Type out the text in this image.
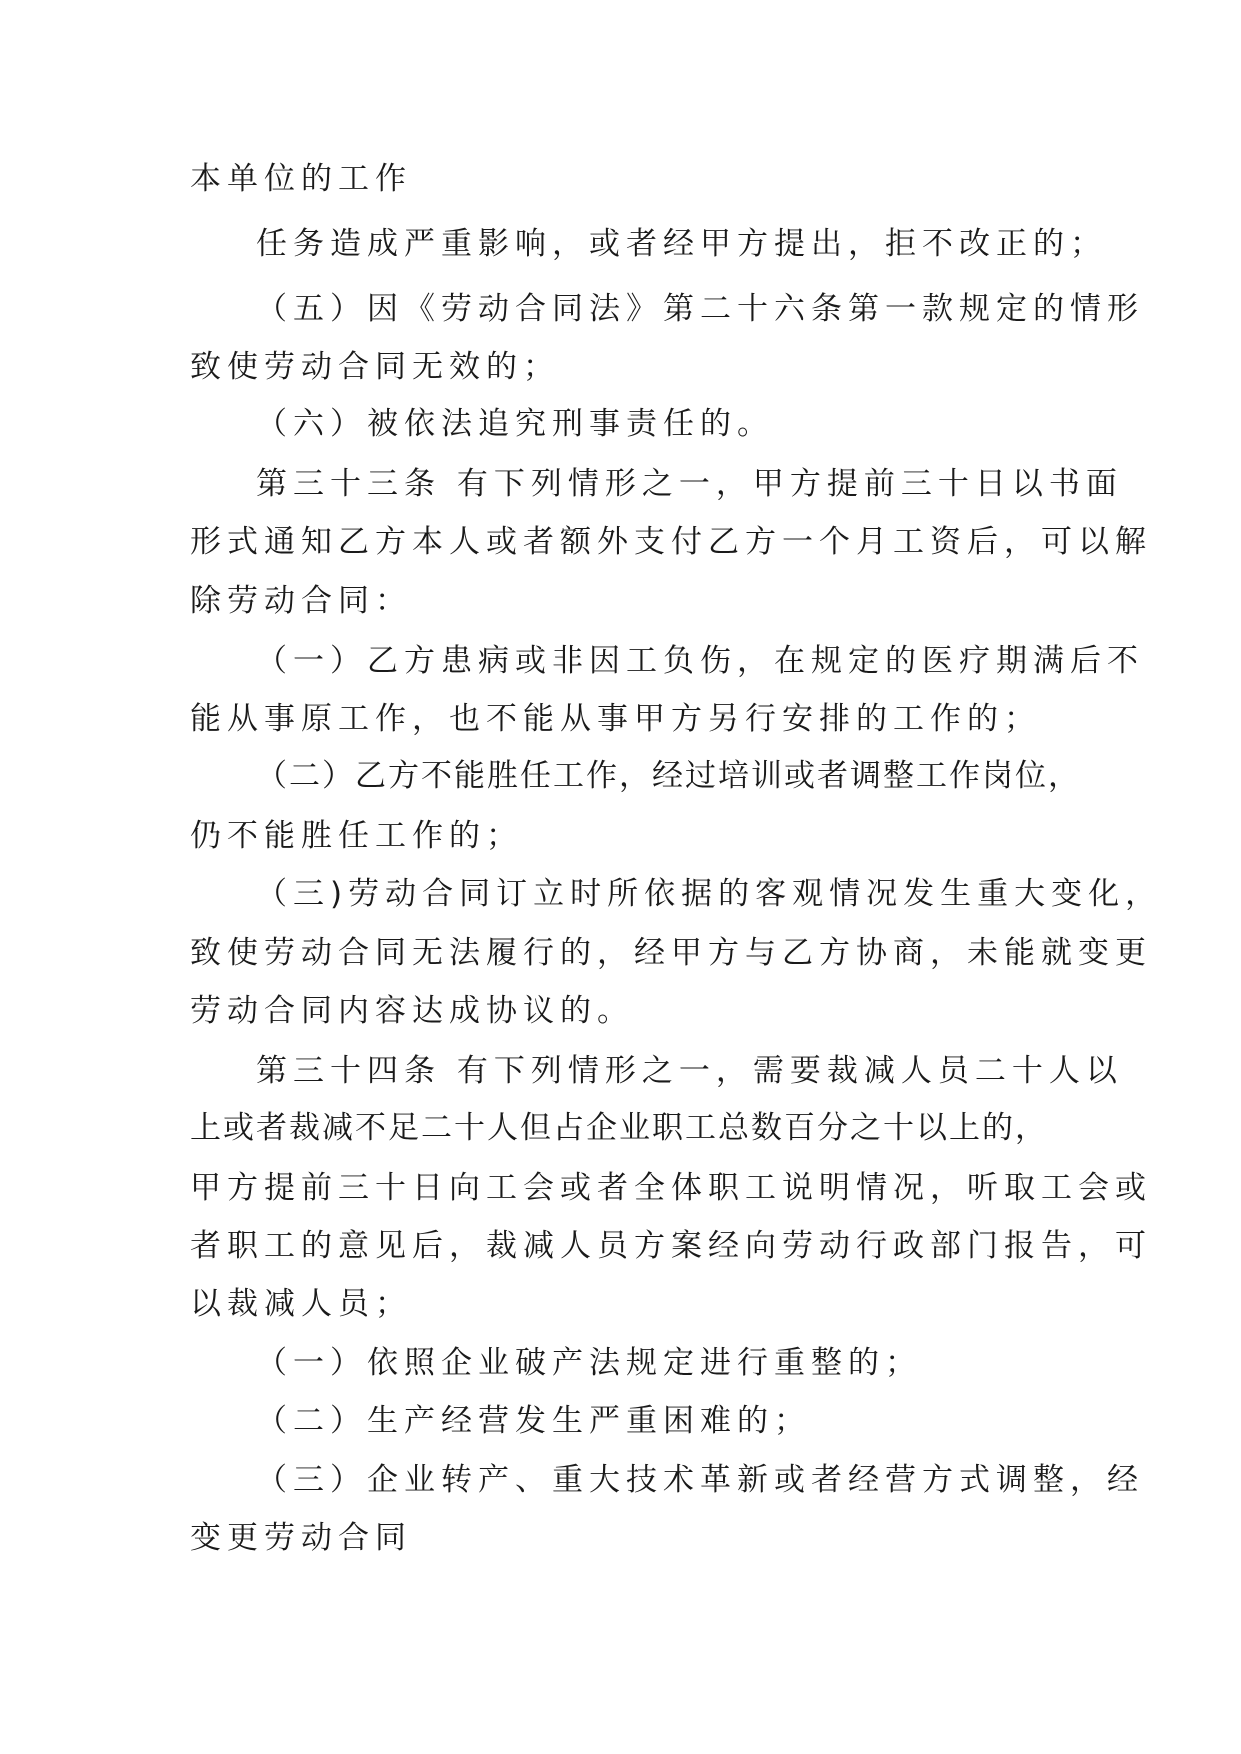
本单位的工作
任务造成严重影响，或者经甲方提出，拒不改正的；
（五）因《劳动合同法》第二十六条第一款规定的情形
致使劳动合同无效的；
（六）被依法追究刑事责任的。
第三十三条 有下列情形之一，甲方提前三十日以书面
形式通知乙方本人或者额外支付乙方一个月工资后，可以解
除劳动合同：
（一）乙方患病或非因工负伤，在规定的医疗期满后不
能从事原工作，也不能从事甲方另行安排的工作的；
（二）乙方不能胜任工作，经过培训或者调整工作岗位，
仍不能胜任工作的；
（三)劳动合同订立时所依据的客观情况发生重大变化，
致使劳动合同无法履行的，经甲方与乙方协商，未能就变更
劳动合同内容达成协议的。
第三十四条 有下列情形之一，需要裁减人员二十人以
上或者裁减不足二十人但占企业职工总数百分之十以上的，
甲方提前三十日向工会或者全体职工说明情况，听取工会或
者职工的意见后，裁减人员方案经向劳动行政部门报告，可
以裁减人员；
（一）依照企业破产法规定进行重整的；
（二）生产经营发生严重困难的；
（三）企业转产、重大技术革新或者经营方式调整，经
变更劳动合同
